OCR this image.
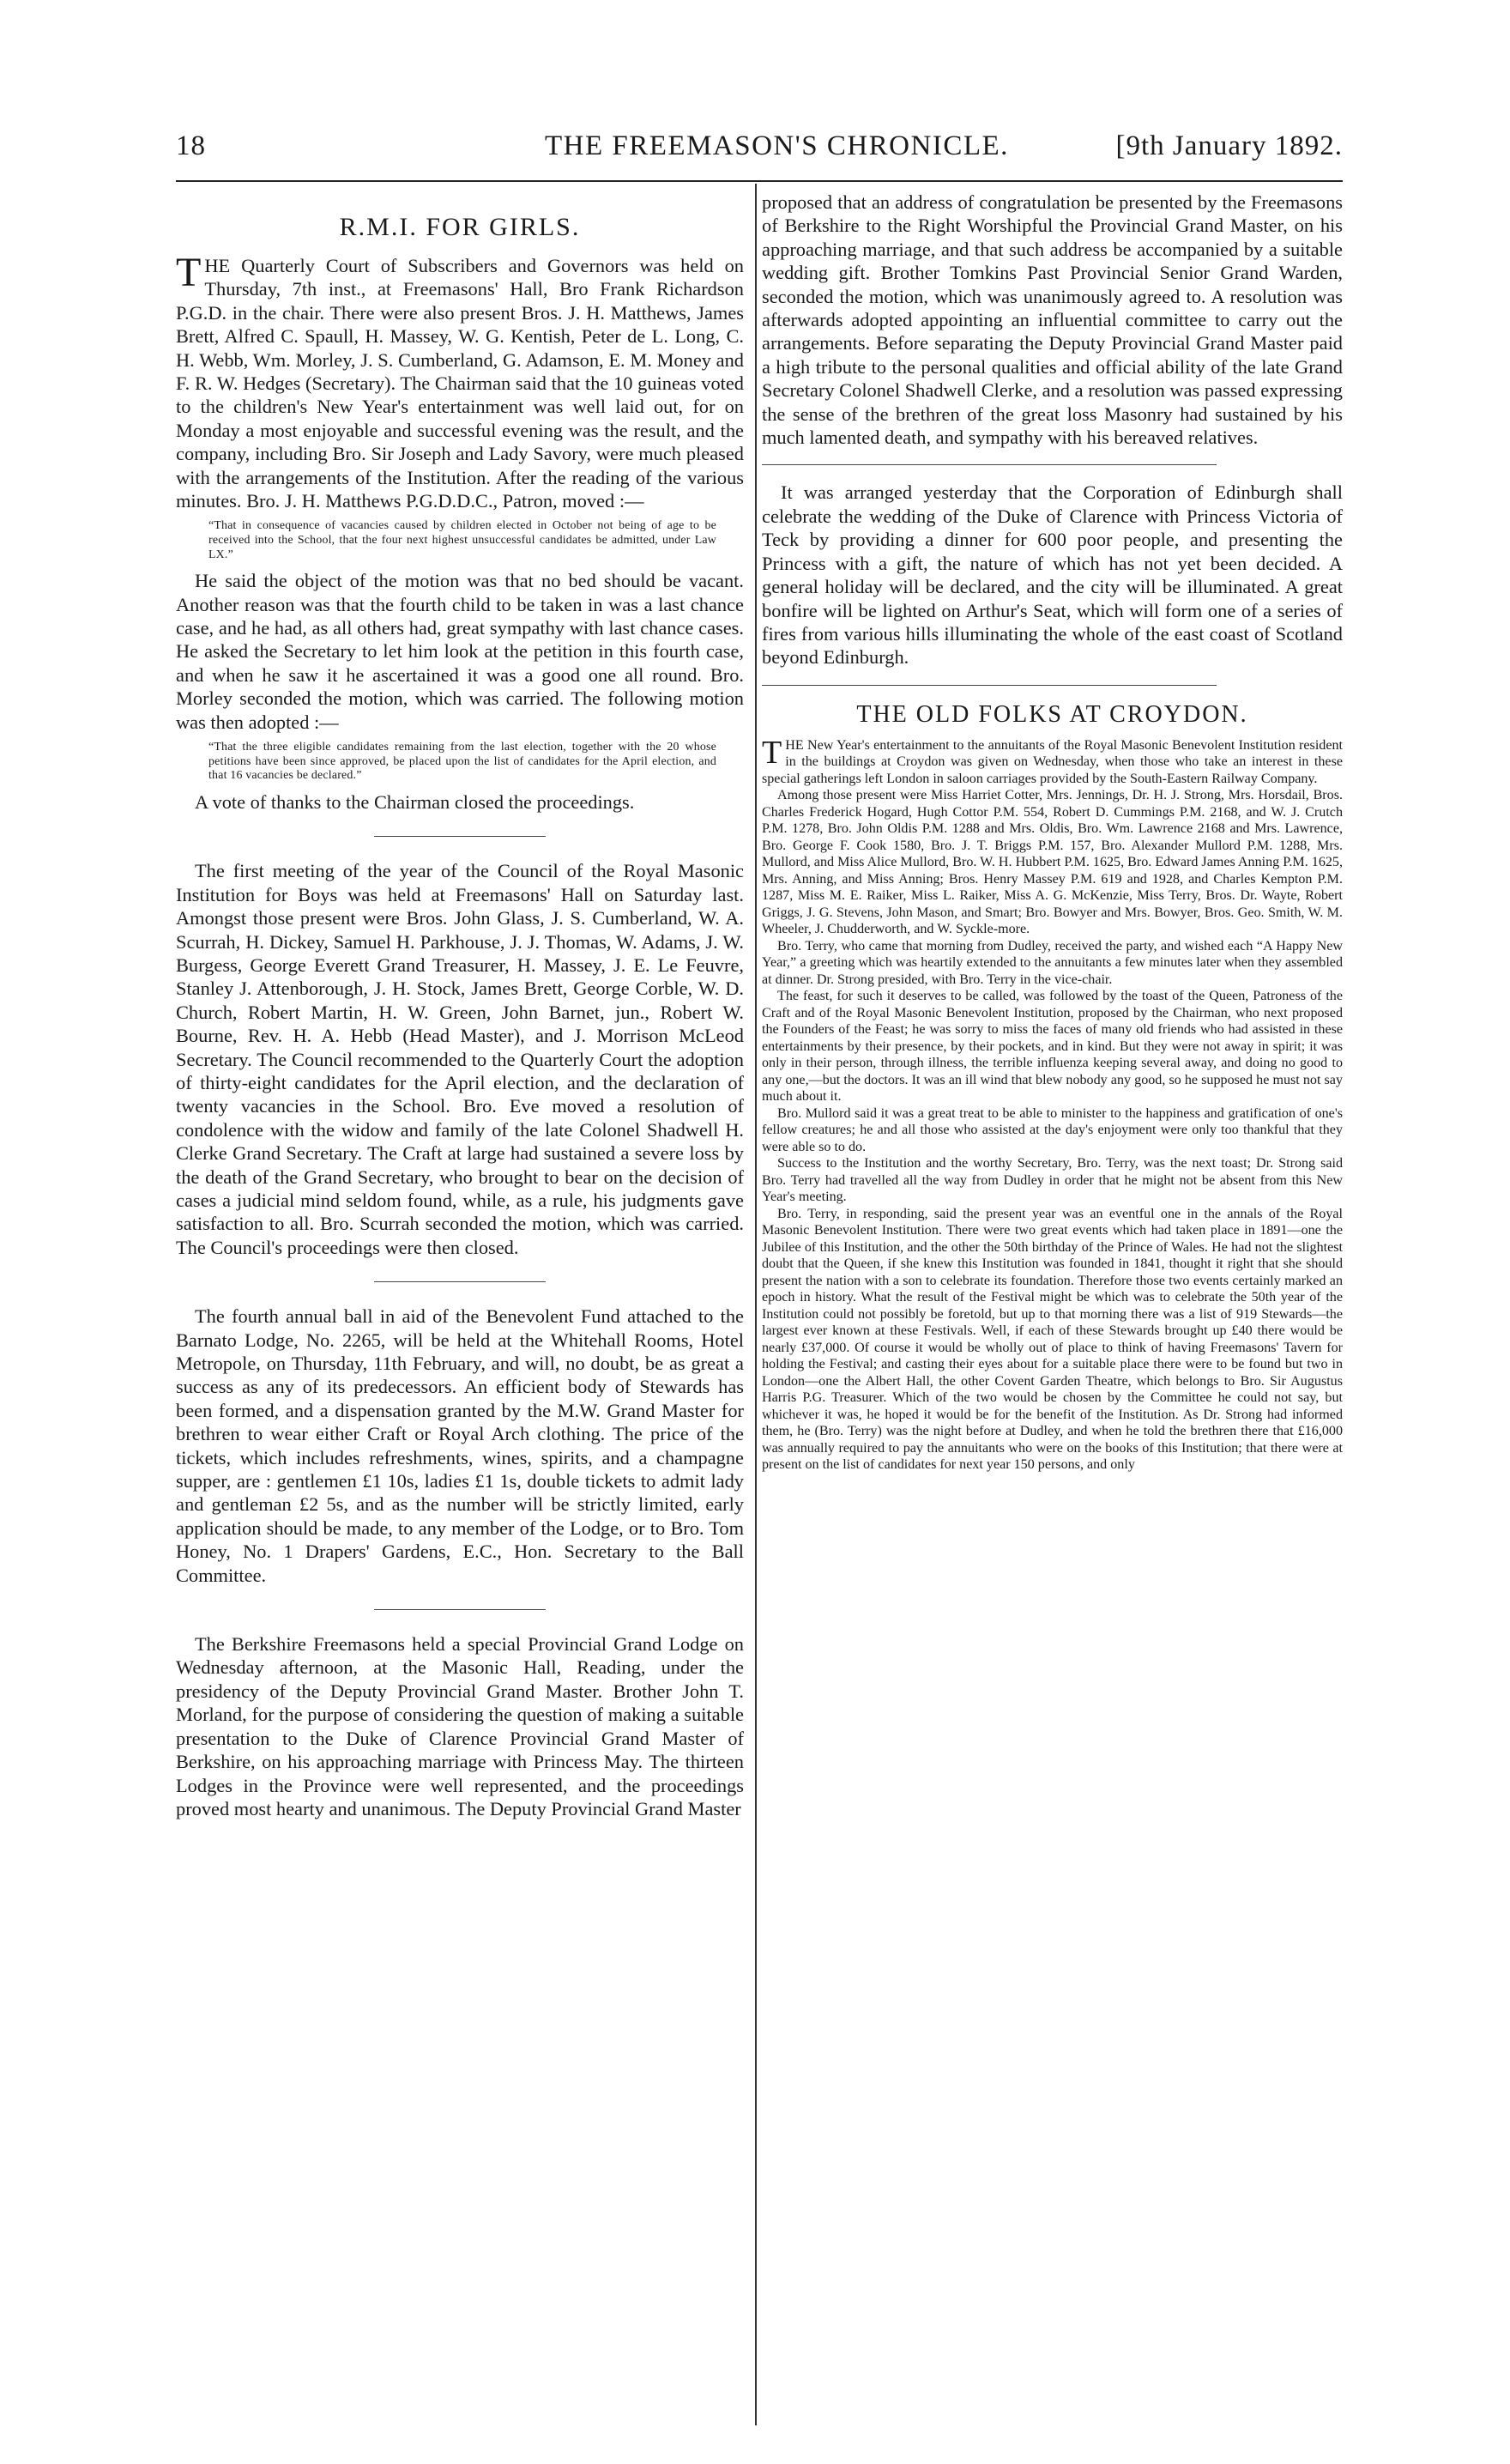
18	THE FREEMASON'S CHRONICLE.	[9th January 1892.
R.M.I. FOR GIRLS.

THE Quarterly Court of Subscribers and Governors was held on Thursday, 7th inst., at Freemasons' Hall, Bro Frank Richardson P.G.D. in the chair. There were also present Bros. J. H. Matthews, James Brett, Alfred C. Spaull, H. Massey, W. G. Kentish, Peter de L. Long, C. H. Webb, Wm. Morley, J. S. Cumberland, G. Adamson, E. M. Money and F. R. W. Hedges (Secretary). The Chairman said that the 10 guineas voted to the children's New Year's entertainment was well laid out, for on Monday a most enjoyable and successful evening was the result, and the company, including Bro. Sir Joseph and Lady Savory, were much pleased with the arrangements of the Institution. After the reading of the various minutes. Bro. J. H. Matthews P.G.D.D.C., Patron, moved :—

“That in consequence of vacancies caused by children elected in October not being of age to be received into the School, that the four next highest unsuccessful candidates be admitted, under Law LX.”

He said the object of the motion was that no bed should be vacant. Another reason was that the fourth child to be taken in was a last chance case, and he had, as all others had, great sympathy with last chance cases. He asked the Secretary to let him look at the petition in this fourth case, and when he saw it he ascertained it was a good one all round. Bro. Morley seconded the motion, which was carried. The following motion was then adopted :—

“That the three eligible candidates remaining from the last election, together with the 20 whose petitions have been since approved, be placed upon the list of candidates for the April election, and that 16 vacancies be declared.”

A vote of thanks to the Chairman closed the proceedings.

The first meeting of the year of the Council of the Royal Masonic Institution for Boys was held at Freemasons' Hall on Saturday last. Amongst those present were Bros. John Glass, J. S. Cumberland, W. A. Scurrah, H. Dickey, Samuel H. Parkhouse, J. J. Thomas, W. Adams, J. W. Burgess, George Everett Grand Treasurer, H. Massey, J. E. Le Feuvre, Stanley J. Attenborough, J. H. Stock, James Brett, George Corble, W. D. Church, Robert Martin, H. W. Green, John Barnet, jun., Robert W. Bourne, Rev. H. A. Hebb (Head Master), and J. Morrison McLeod Secretary. The Council recommended to the Quarterly Court the adoption of thirty-eight candidates for the April election, and the declaration of twenty vacancies in the School. Bro. Eve moved a resolution of condolence with the widow and family of the late Colonel Shadwell H. Clerke Grand Secretary. The Craft at large had sustained a severe loss by the death of the Grand Secretary, who brought to bear on the decision of cases a judicial mind seldom found, while, as a rule, his judgments gave satisfaction to all. Bro. Scurrah seconded the motion, which was carried. The Council's proceedings were then closed.

The fourth annual ball in aid of the Benevolent Fund attached to the Barnato Lodge, No. 2265, will be held at the Whitehall Rooms, Hotel Metropole, on Thursday, 11th February, and will, no doubt, be as great a success as any of its predecessors. An efficient body of Stewards has been formed, and a dispensation granted by the M.W. Grand Master for brethren to wear either Craft or Royal Arch clothing. The price of the tickets, which includes refreshments, wines, spirits, and a champagne supper, are : gentlemen £1 10s, ladies £1 1s, double tickets to admit lady and gentleman £2 5s, and as the number will be strictly limited, early application should be made, to any member of the Lodge, or to Bro. Tom Honey, No. 1 Drapers' Gardens, E.C., Hon. Secretary to the Ball Committee.

The Berkshire Freemasons held a special Provincial Grand Lodge on Wednesday afternoon, at the Masonic Hall, Reading, under the presidency of the Deputy Provincial Grand Master. Brother John T. Morland, for the purpose of considering the question of making a suitable presentation to the Duke of Clarence Provincial Grand Master of Berkshire, on his approaching marriage with Princess May. The thirteen Lodges in the Province were well represented, and the proceedings proved most hearty and unanimous. The Deputy Provincial Grand Master

proposed that an address of congratulation be presented by the Freemasons of Berkshire to the Right Worshipful the Provincial Grand Master, on his approaching marriage, and that such address be accompanied by a suitable wedding gift. Brother Tomkins Past Provincial Senior Grand Warden, seconded the motion, which was unanimously agreed to. A resolution was afterwards adopted appointing an influential committee to carry out the arrangements. Before separating the Deputy Provincial Grand Master paid a high tribute to the personal qualities and official ability of the late Grand Secretary Colonel Shadwell Clerke, and a resolution was passed expressing the sense of the brethren of the great loss Masonry had sustained by his much lamented death, and sympathy with his bereaved relatives.

It was arranged yesterday that the Corporation of Edinburgh shall celebrate the wedding of the Duke of Clarence with Princess Victoria of Teck by providing a dinner for 600 poor people, and presenting the Princess with a gift, the nature of which has not yet been decided. A general holiday will be declared, and the city will be illuminated. A great bonfire will be lighted on Arthur's Seat, which will form one of a series of fires from various hills illuminating the whole of the east coast of Scotland beyond Edinburgh.

THE OLD FOLKS AT CROYDON.

THE New Year's entertainment to the annuitants of the Royal Masonic Benevolent Institution resident in the buildings at Croydon was given on Wednesday, when those who take an interest in these special gatherings left London in saloon carriages provided by the South-Eastern Railway Company.

Among those present were Miss Harriet Cotter, Mrs. Jennings, Dr. H. J. Strong, Mrs. Horsdail, Bros. Charles Frederick Hogard, Hugh Cottor P.M. 554, Robert D. Cummings P.M. 2168, and W. J. Crutch P.M. 1278, Bro. John Oldis P.M. 1288 and Mrs. Oldis, Bro. Wm. Lawrence 2168 and Mrs. Lawrence, Bro. George F. Cook 1580, Bro. J. T. Briggs P.M. 157, Bro. Alexander Mullord P.M. 1288, Mrs. Mullord, and Miss Alice Mullord, Bro. W. H. Hubbert P.M. 1625, Bro. Edward James Anning P.M. 1625, Mrs. Anning, and Miss Anning; Bros. Henry Massey P.M. 619 and 1928, and Charles Kempton P.M. 1287, Miss M. E. Raiker, Miss L. Raiker, Miss A. G. McKenzie, Miss Terry, Bros. Dr. Wayte, Robert Griggs, J. G. Stevens, John Mason, and Smart; Bro. Bowyer and Mrs. Bowyer, Bros. Geo. Smith, W. M. Wheeler, J. Chudderworth, and W. Syckle-more.

Bro. Terry, who came that morning from Dudley, received the party, and wished each “A Happy New Year,” a greeting which was heartily extended to the annuitants a few minutes later when they assembled at dinner. Dr. Strong presided, with Bro. Terry in the vice-chair.

The feast, for such it deserves to be called, was followed by the toast of the Queen, Patroness of the Craft and of the Royal Masonic Benevolent Institution, proposed by the Chairman, who next proposed the Founders of the Feast; he was sorry to miss the faces of many old friends who had assisted in these entertainments by their presence, by their pockets, and in kind. But they were not away in spirit; it was only in their person, through illness, the terrible influenza keeping several away, and doing no good to any one,—but the doctors. It was an ill wind that blew nobody any good, so he supposed he must not say much about it.

Bro. Mullord said it was a great treat to be able to minister to the happiness and gratification of one's fellow creatures; he and all those who assisted at the day's enjoyment were only too thankful that they were able so to do.

Success to the Institution and the worthy Secretary, Bro. Terry, was the next toast; Dr. Strong said Bro. Terry had travelled all the way from Dudley in order that he might not be absent from this New Year's meeting.

Bro. Terry, in responding, said the present year was an eventful one in the annals of the Royal Masonic Benevolent Institution. There were two great events which had taken place in 1891—one the Jubilee of this Institution, and the other the 50th birthday of the Prince of Wales. He had not the slightest doubt that the Queen, if she knew this Institution was founded in 1841, thought it right that she should present the nation with a son to celebrate its foundation. Therefore those two events certainly marked an epoch in history. What the result of the Festival might be which was to celebrate the 50th year of the Institution could not possibly be foretold, but up to that morning there was a list of 919 Stewards—the largest ever known at these Festivals. Well, if each of these Stewards brought up £40 there would be nearly £37,000. Of course it would be wholly out of place to think of having Freemasons' Tavern for holding the Festival; and casting their eyes about for a suitable place there were to be found but two in London—one the Albert Hall, the other Covent Garden Theatre, which belongs to Bro. Sir Augustus Harris P.G. Treasurer. Which of the two would be chosen by the Committee he could not say, but whichever it was, he hoped it would be for the benefit of the Institution. As Dr. Strong had informed them, he (Bro. Terry) was the night before at Dudley, and when he told the brethren there that £16,000 was annually required to pay the annuitants who were on the books of this Institution; that there were at present on the list of candidates for next year 150 persons, and only
